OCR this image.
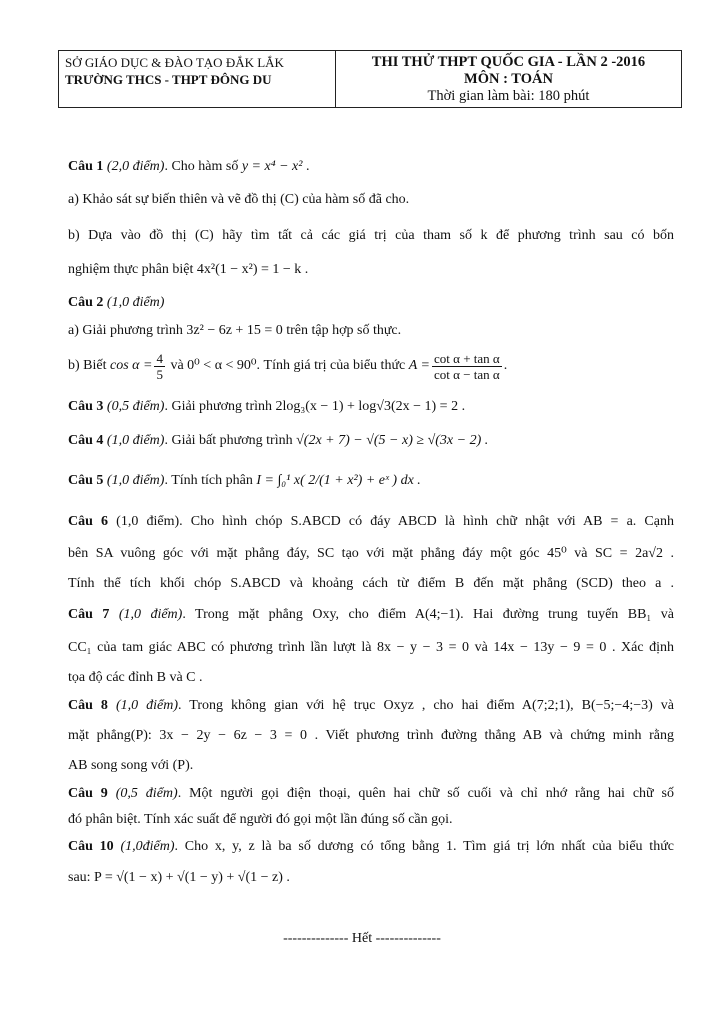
SỞ GIÁO DỤC & ĐÀO TẠO ĐẮK LẮK
TRƯỜNG THCS - THPT ĐÔNG DU
THI THỬ THPT QUỐC GIA - LẦN 2 -2016
MÔN : TOÁN
Thời gian làm bài: 180 phút
Câu 1 (2,0 điểm). Cho hàm số y = x⁴ − x² .
a) Khảo sát sự biến thiên và vẽ đồ thị (C) của hàm số đã cho.
b) Dựa vào đồ thị (C) hãy tìm tất cả các giá trị của tham số k để phương trình sau có bốn
nghiệm thực phân biệt 4x²(1 − x²) = 1 − k .
Câu 2 (1,0 điểm)
a) Giải phương trình 3z² − 6z + 15 = 0 trên tập hợp số thực.
b) Biết
$\cos \alpha = \frac{4}{5}$
và 0⁰ < α < 90⁰. Tính giá trị của biểu thức
$A = \frac{\text{cot α + tan α}}{\text{cot α − tan α}}$ .
Câu 3 (0,5 điểm). Giải phương trình 2log₃(x − 1) + log√3(2x − 1) = 2 .
Câu 4 (1,0 điểm). Giải bất phương trình √(2x + 7) − √(5 − x) ≥ √(3x − 2) .
Câu 5 (1,0 điểm). Tính tích phân I = ∫₀¹ x( 2/(1 + x²) + eˣ ) dx .
Câu 6 (1,0 điểm). Cho hình chóp S.ABCD có đáy ABCD là hình chữ nhật với AB = a. Cạnh
bên SA vuông góc với mặt phẳng đáy, SC tạo với mặt phẳng đáy một góc 45⁰ và SC = 2a√2 .
Tính thể tích khối chóp S.ABCD và khoảng cách từ điểm B đến mặt phẳng (SCD) theo a .
Câu 7 (1,0 điểm). Trong mặt phẳng Oxy, cho điểm A(4;−1). Hai đường trung tuyến BB₁ và
CC₁ của tam giác ABC có phương trình lần lượt là 8x − y − 3 = 0 và 14x − 13y − 9 = 0 . Xác định
tọa độ các đỉnh B và C .
Câu 8 (1,0 điểm). Trong không gian với hệ trục Oxyz , cho hai điểm A(7;2;1), B(−5;−4;−3) và
mặt phẳng(P): 3x − 2y − 6z − 3 = 0 . Viết phương trình đường thẳng AB và chứng minh rằng
AB song song với (P).
Câu 9 (0,5 điểm). Một người gọi điện thoại, quên hai chữ số cuối và chỉ nhớ rằng hai chữ số
đó phân biệt. Tính xác suất để người đó gọi một lần đúng số cần gọi.
Câu 10 (1,0điểm). Cho x, y, z là ba số dương có tổng bằng 1. Tìm giá trị lớn nhất của biểu thức
sau: P = √(1 − x) + √(1 − y) + √(1 − z) .
-------------- Hết --------------
